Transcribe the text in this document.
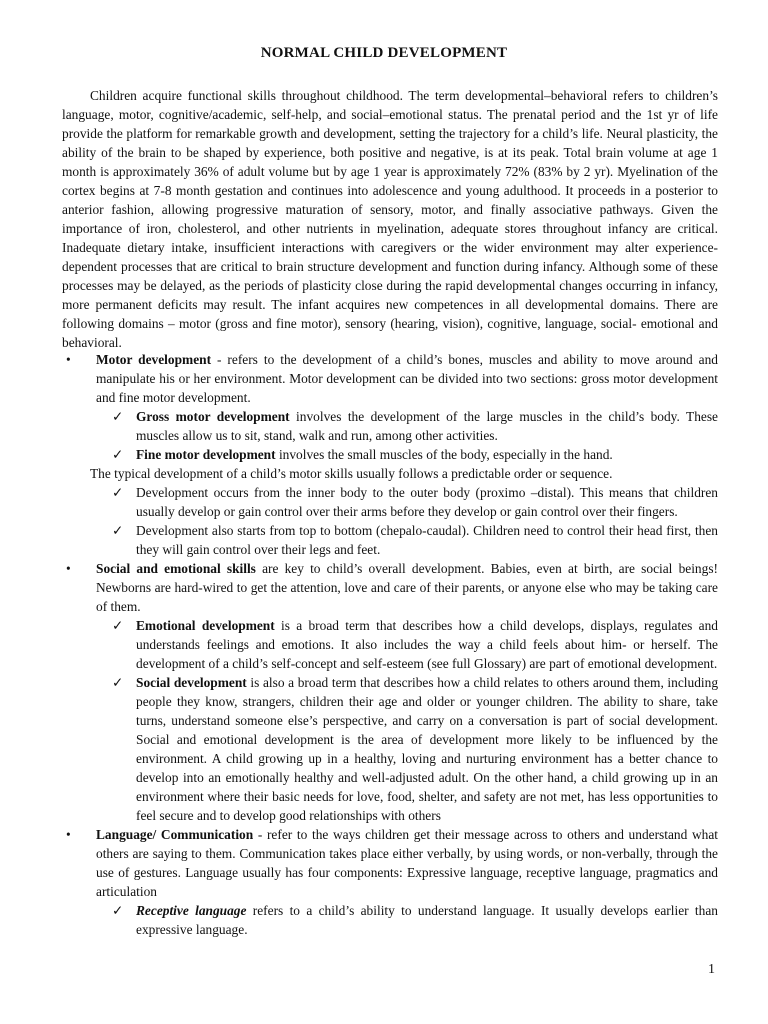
NORMAL CHILD DEVELOPMENT

Children acquire functional skills throughout childhood. The term developmental–behavioral refers to children’s language, motor, cognitive/academic, self-help, and social–emotional status. The prenatal period and the 1st yr of life provide the platform for remarkable growth and development, setting the trajectory for a child’s life. Neural plasticity, the ability of the brain to be shaped by experience, both positive and negative, is at its peak. Total brain volume at age 1 month is approximately 36% of adult volume but by age 1 year is approximately 72% (83% by 2 yr). Myelination of the cortex begins at 7-8 month gestation and continues into adolescence and young adulthood. It proceeds in a posterior to anterior fashion, allowing progressive maturation of sensory, motor, and finally associative pathways. Given the importance of iron, cholesterol, and other nutrients in myelination, adequate stores throughout infancy are critical. Inadequate dietary intake, insufficient interactions with caregivers or the wider environment may alter experience-dependent processes that are critical to brain structure development and function during infancy. Although some of these processes may be delayed, as the periods of plasticity close during the rapid developmental changes occurring in infancy, more permanent deficits may result. The infant acquires new competences in all developmental domains. There are following domains – motor (gross and fine motor), sensory (hearing, vision), cognitive, language, social- emotional and behavioral.

• Motor development - refers to the development of a child’s bones, muscles and ability to move around and manipulate his or her environment. Motor development can be divided into two sections: gross motor development and fine motor development.
✓ Gross motor development involves the development of the large muscles in the child’s body. These muscles allow us to sit, stand, walk and run, among other activities.
✓ Fine motor development involves the small muscles of the body, especially in the hand.

The typical development of a child’s motor skills usually follows a predictable order or sequence.

✓ Development occurs from the inner body to the outer body (proximo –distal). This means that children usually develop or gain control over their arms before they develop or gain control over their fingers.
✓ Development also starts from top to bottom (chepalo-caudal). Children need to control their head first, then they will gain control over their legs and feet.
• Social and emotional skills are key to child’s overall development. Babies, even at birth, are social beings! Newborns are hard-wired to get the attention, love and care of their parents, or anyone else who may be taking care of them.
✓ Emotional development is a broad term that describes how a child develops, displays, regulates and understands feelings and emotions. It also includes the way a child feels about him- or herself. The development of a child’s self-concept and self-esteem (see full Glossary) are part of emotional development.
✓ Social development is also a broad term that describes how a child relates to others around them, including people they know, strangers, children their age and older or younger children. The ability to share, take turns, understand someone else’s perspective, and carry on a conversation is part of social development. Social and emotional development is the area of development more likely to be influenced by the environment. A child growing up in a healthy, loving and nurturing environment has a better chance to develop into an emotionally healthy and well-adjusted adult. On the other hand, a child growing up in an environment where their basic needs for love, food, shelter, and safety are not met, has less opportunities to feel secure and to develop good relationships with others
• Language/ Communication - refer to the ways children get their message across to others and understand what others are saying to them. Communication takes place either verbally, by using words, or non-verbally, through the use of gestures. Language usually has four components: Expressive language, receptive language, pragmatics and articulation
✓ Receptive language refers to a child’s ability to understand language. It usually develops earlier than expressive language.
1
